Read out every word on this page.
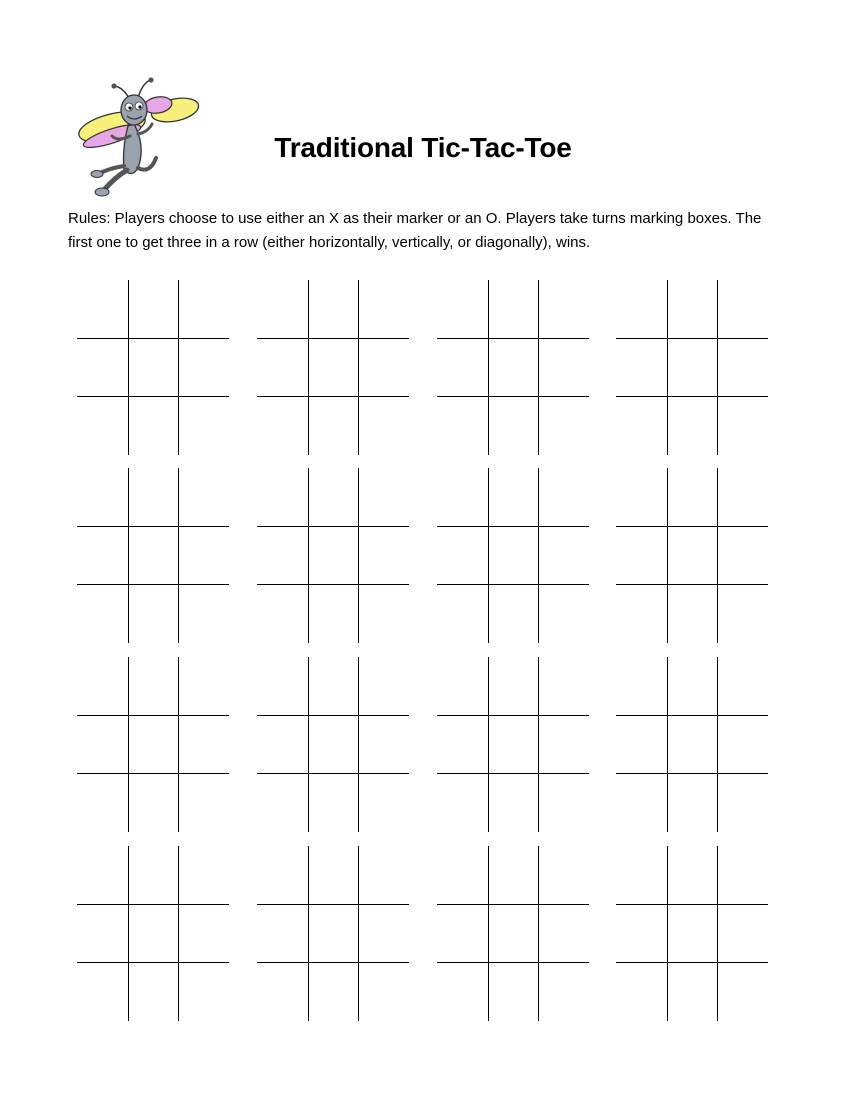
Traditional Tic-Tac-Toe

Rules: Players choose to use either an X as their marker or an O. Players take turns marking boxes. The first one to get three in a row (either horizontally, vertically, or diagonally), wins.
